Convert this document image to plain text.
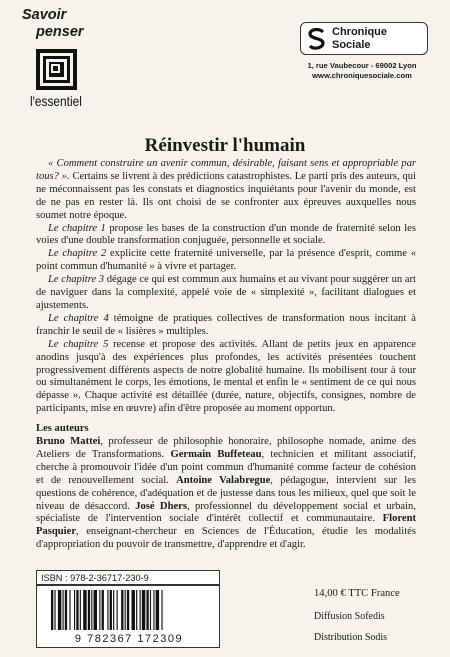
Savoir
penser
l'essentiel
Chronique
Sociale
1, rue Vaubecour - 69002 Lyon
www.chroniquesociale.com
Réinvestir l'humain

« Comment construire un avenir commun, désirable, faisant sens et appropriable par tous? ». Certains se livrent à des prédictions catastrophistes. Le parti pris des auteurs, qui ne méconnaissent pas les constats et diagnostics inquiétants pour l'avenir du monde, est de ne pas en rester là. Ils ont choisi de se confronter aux épreuves auxquelles nous soumet notre époque.

Le chapitre 1 propose les bases de la construction d'un monde de fraternité selon les voies d'une double transformation conjuguée, personnelle et sociale.

Le chapitre 2 explicite cette fraternité universelle, par la présence d'esprit, comme « point commun d'humanité » à vivre et partager.

Le chapitre 3 dégage ce qui est commun aux humains et au vivant pour suggérer un art de naviguer dans la complexité, appelé voie de « simplexité », facilitant dialogues et ajustements.

Le chapitre 4 témoigne de pratiques collectives de transformation nous incitant à franchir le seuil de « lisières » multiples.

Le chapitre 5 recense et propose des activités. Allant de petits jeux en apparence anodins jusqu'à des expériences plus profondes, les activités présentées touchent progressivement différents aspects de notre globalité humaine. Ils mobilisent tour à tour ou simultanément le corps, les émotions, le mental et enfin le « sentiment de ce qui nous dépasse ». Chaque activité est détaillée (durée, nature, objectifs, consignes, nombre de participants, mise en œuvre) afin d'être proposée au moment opportun.

Les auteurs

Bruno Mattei, professeur de philosophie honoraire, philosophe nomade, anime des Ateliers de Transformations. Germain Buffeteau, technicien et militant associatif, cherche à promouvoir l'idée d'un point commun d'humanité comme facteur de cohésion et de renouvellement social. Antoine Valabregue, pédagogue, intervient sur les questions de cohérence, d'adéquation et de justesse dans tous les milieux, quel que soit le niveau de désaccord. José Dhers, professionnel du développement social et urbain, spécialiste de l'intervention sociale d'intérêt collectif et communautaire. Florent Pasquier, enseignant-chercheur en Sciences de l'Éducation, étudie les modalités d'appropriation du pouvoir de transmettre, d'apprendre et d'agir.

ISBN : 978-2-36717-230-9
9 782367 172309
14,00 € TTC France
Diffusion Sofedis
Distribution Sodis
